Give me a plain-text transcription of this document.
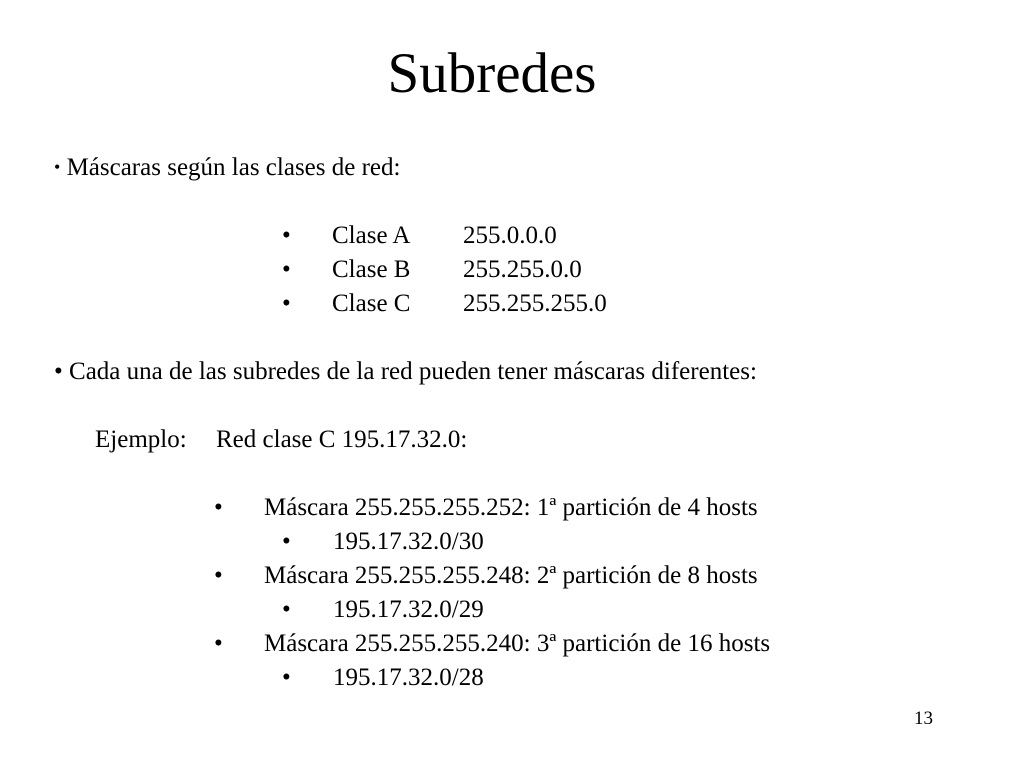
Subredes
• Máscaras según las clases de red:
• Clase A 255.0.0.0
• Clase B 255.255.0.0
• Clase C 255.255.255.0
• Cada una de las subredes de la red pueden tener máscaras diferentes:
Ejemplo: Red clase C 195.17.32.0:
• Máscara 255.255.255.252: 1ª partición de 4 hosts
• 195.17.32.0/30
• Máscara 255.255.255.248: 2ª partición de 8 hosts
• 195.17.32.0/29
• Máscara 255.255.255.240: 3ª partición de 16 hosts
• 195.17.32.0/28
13
